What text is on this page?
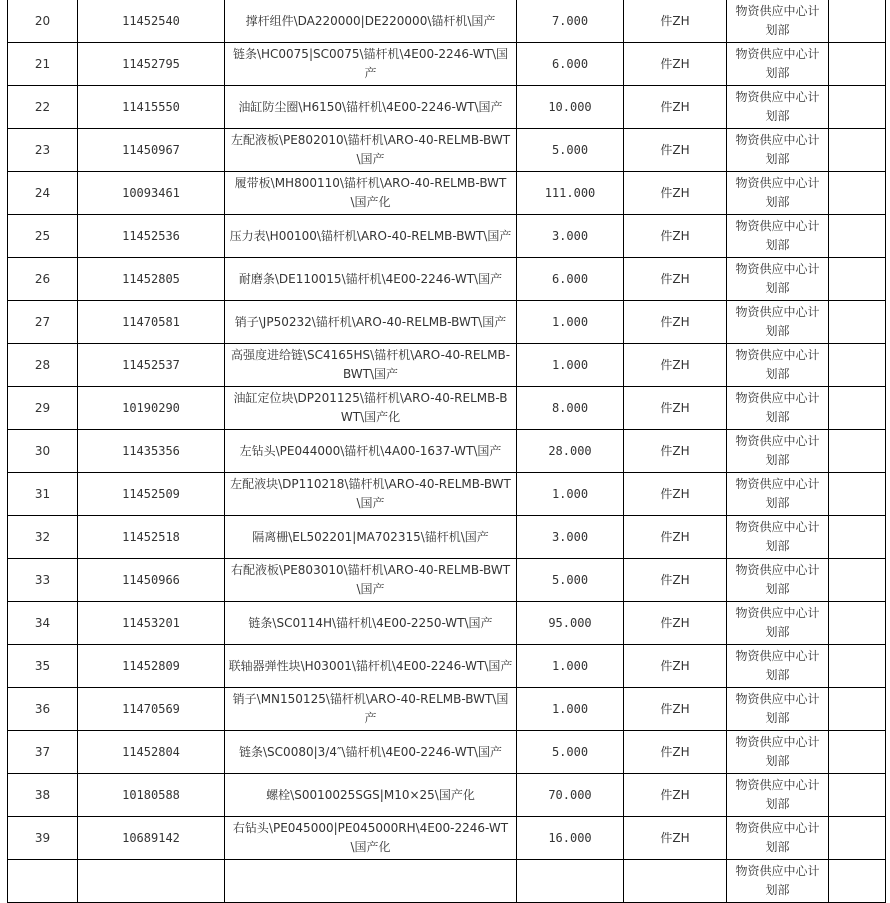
20	11452540	撑杆组件\DA220000|DE220000\锚杆机\国产	7.000	件ZH	物资供应中心计划部	
21	11452795	链条\HC0075|SC0075\锚杆机\4E00-2246-WT\国产	6.000	件ZH	物资供应中心计划部	
22	11415550	油缸防尘圈\H6150\锚杆机\4E00-2246-WT\国产	10.000	件ZH	物资供应中心计划部	
23	11450967	左配液板\PE802010\锚杆机\ARO-40-RELMB-BWT\国产	5.000	件ZH	物资供应中心计划部	
24	10093461	履带板\MH800110\锚杆机\ARO-40-RELMB-BWT\国产化	111.000	件ZH	物资供应中心计划部	
25	11452536	压力表\H00100\锚杆机\ARO-40-RELMB-BWT\国产	3.000	件ZH	物资供应中心计划部	
26	11452805	耐磨条\DE110015\锚杆机\4E00-2246-WT\国产	6.000	件ZH	物资供应中心计划部	
27	11470581	销子\JP50232\锚杆机\ARO-40-RELMB-BWT\国产	1.000	件ZH	物资供应中心计划部	
28	11452537	高强度进给链\SC4165HS\锚杆机\ARO-40-RELMB-BWT\国产	1.000	件ZH	物资供应中心计划部	
29	10190290	油缸定位块\DP201125\锚杆机\ARO-40-RELMB-BWT\国产化	8.000	件ZH	物资供应中心计划部	
30	11435356	左钻头\PE044000\锚杆机\4A00-1637-WT\国产	28.000	件ZH	物资供应中心计划部	
31	11452509	左配液块\DP110218\锚杆机\ARO-40-RELMB-BWT\国产	1.000	件ZH	物资供应中心计划部	
32	11452518	隔离栅\EL502201|MA702315\锚杆机\国产	3.000	件ZH	物资供应中心计划部	
33	11450966	右配液板\PE803010\锚杆机\ARO-40-RELMB-BWT\国产	5.000	件ZH	物资供应中心计划部	
34	11453201	链条\SC0114H\锚杆机\4E00-2250-WT\国产	95.000	件ZH	物资供应中心计划部	
35	11452809	联轴器弹性块\H03001\锚杆机\4E00-2246-WT\国产	1.000	件ZH	物资供应中心计划部	
36	11470569	销子\MN150125\锚杆机\ARO-40-RELMB-BWT\国产	1.000	件ZH	物资供应中心计划部	
37	11452804	链条\SC0080|3/4″\锚杆机\4E00-2246-WT\国产	5.000	件ZH	物资供应中心计划部	
38	10180588	螺栓\S0010025SGS|M10×25\国产化	70.000	件ZH	物资供应中心计划部	
39	10689142	右钻头\PE045000|PE045000RH\4E00-2246-WT\国产化	16.000	件ZH	物资供应中心计划部	
					物资供应中心计划部	
